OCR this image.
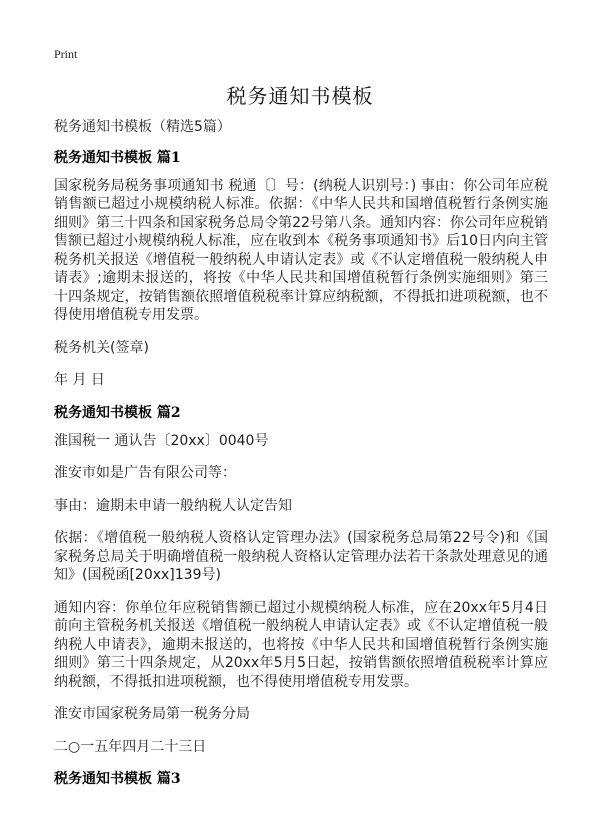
Print
税务通知书模板

税务通知书模板（精选5篇）

税务通知书模板 篇1

国家税务局税务事项通知书 税通〔〕号：(纳税人识别号：) 事由：你公司年应税销售额已超过小规模纳税人标准。依据：《中华人民共和国增值税暂行条例实施细则》第三十四条和国家税务总局令第22号第八条。通知内容：你公司年应税销售额已超过小规模纳税人标准，应在收到本《税务事项通知书》后10日内向主管税务机关报送《增值税一般纳税人申请认定表》或《不认定增值税一般纳税人申请表》;逾期未报送的，将按《中华人民共和国增值税暂行条例实施细则》第三十四条规定，按销售额依照增值税税率计算应纳税额，不得抵扣进项税额，也不得使用增值税专用发票。

税务机关(签章)

年 月 日

税务通知书模板 篇2

淮国税一 通认告〔20xx〕0040号

淮安市如是广告有限公司等：

事由：逾期未申请一般纳税人认定告知

依据：《增值税一般纳税人资格认定管理办法》(国家税务总局第22号令)和《国家税务总局关于明确增值税一般纳税人资格认定管理办法若干条款处理意见的通知》(国税函[20xx]139号)

通知内容：你单位年应税销售额已超过小规模纳税人标准，应在20xx年5月4日前向主管税务机关报送《增值税一般纳税人申请认定表》或《不认定增值税一般纳税人申请表》，逾期未报送的，也将按《中华人民共和国增值税暂行条例实施细则》第三十四条规定，从20xx年5月5日起，按销售额依照增值税税率计算应纳税额，不得抵扣进项税额，也不得使用增值税专用发票。

淮安市国家税务局第一税务分局

二○一五年四月二十三日

税务通知书模板 篇3
